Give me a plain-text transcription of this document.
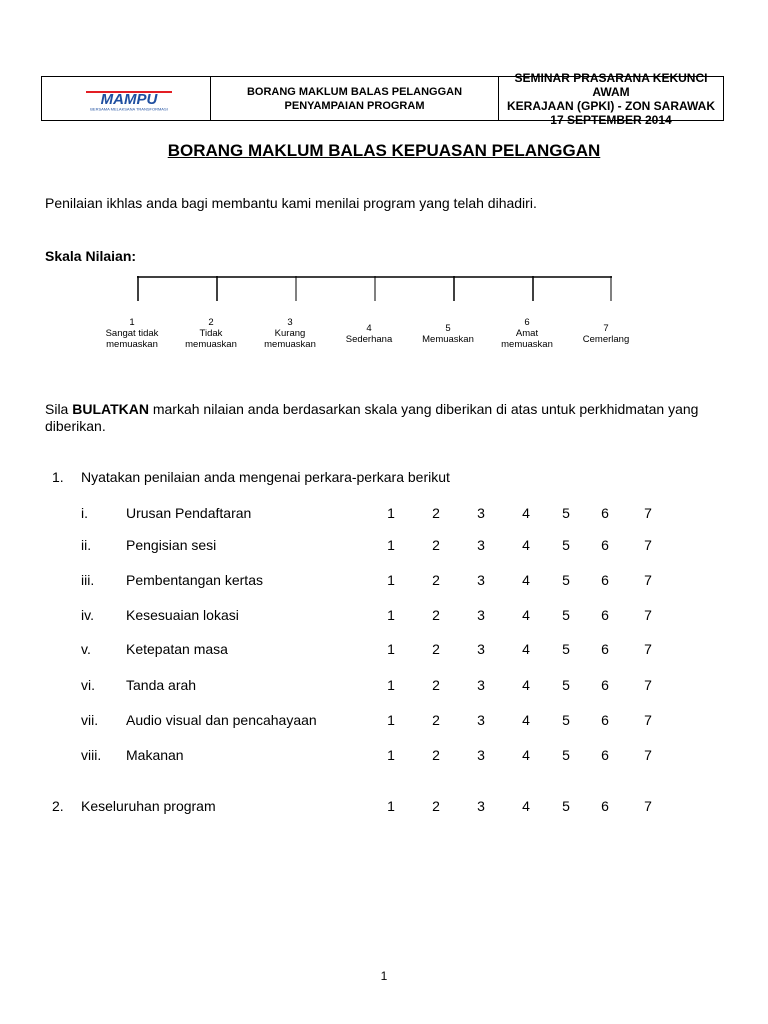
MAMPU
BERSAMA MELAKSANA TRANSFORMASI
BORANG MAKLUM BALAS PELANGGAN
PENYAMPAIAN PROGRAM
SEMINAR PRASARANA KEKUNCI AWAM
KERAJAAN (GPKI) - ZON SARAWAK
17 SEPTEMBER 2014
BORANG MAKLUM BALAS KEPUASAN PELANGGAN
Penilaian ikhlas anda bagi membantu kami menilai program yang telah dihadiri.
Skala Nilaian:
1
Sangat tidak
memuaskan
2
Tidak
memuaskan
3
Kurang
memuaskan
4
Sederhana
5
Memuaskan
6
Amat
memuaskan
7
Cemerlang
Sila BULATKAN markah nilaian anda berdasarkan skala yang diberikan di atas untuk perkhidmatan yang
diberikan.
1. Nyatakan penilaian anda mengenai perkara-perkara berikut
i.	Urusan Pendaftaran	1	2	3	4	5	6	7
ii. Pengisian sesi	1	2	3	4	5	6	7
iii. Pembentangan kertas	1	2	3	4	5	6	7
iv. Kesesuaian lokasi	1	2	3	4	5	6	7
v.	Ketepatan masa	1	2	3	4	5	6	7
vi. Tanda arah	1	2	3	4	5	6	7
vii. Audio visual dan pencahayaan	1	2	3	4	5	6	7
viii. Makanan	1	2	3	4	5	6	7
2. Keseluruhan program	1	2	3	4	5	6	7
1
